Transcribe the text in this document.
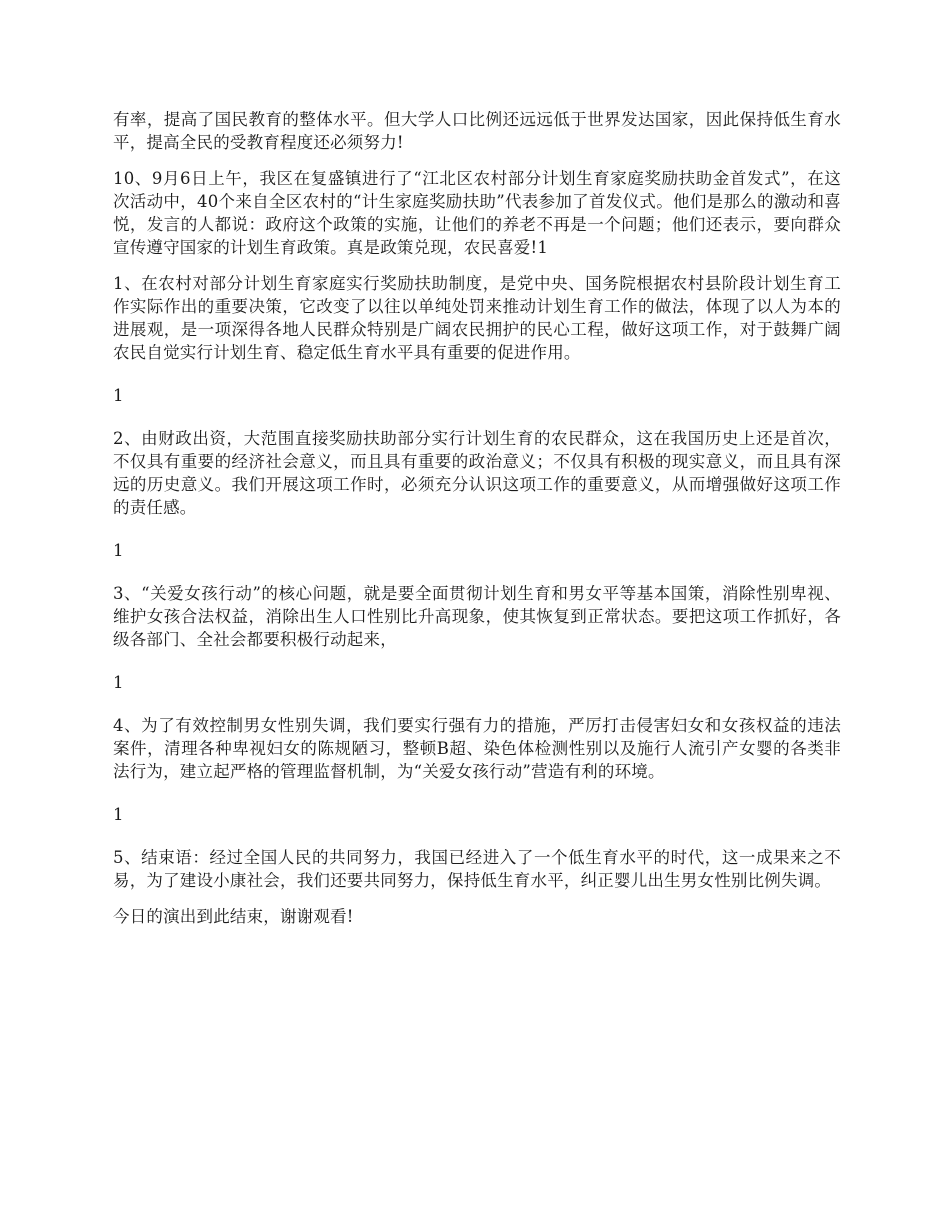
有率，提高了国民教育的整体水平。但大学人口比例还远远低于世界发达国家，因此保持低生育水平，提高全民的受教育程度还必须努力!

10、9月6日上午，我区在复盛镇进行了“江北区农村部分计划生育家庭奖励扶助金首发式”，在这次活动中，40个来自全区农村的“计生家庭奖励扶助”代表参加了首发仪式。他们是那么的激动和喜悦，发言的人都说：政府这个政策的实施，让他们的养老不再是一个问题；他们还表示，要向群众宣传遵守国家的计划生育政策。真是政策兑现，农民喜爱!1

1、在农村对部分计划生育家庭实行奖励扶助制度，是党中央、国务院根据农村县阶段计划生育工作实际作出的重要决策，它改变了以往以单纯处罚来推动计划生育工作的做法，体现了以人为本的进展观，是一项深得各地人民群众特别是广阔农民拥护的民心工程，做好这项工作，对于鼓舞广阔农民自觉实行计划生育、稳定低生育水平具有重要的促进作用。

1

2、由财政出资，大范围直接奖励扶助部分实行计划生育的农民群众，这在我国历史上还是首次，不仅具有重要的经济社会意义，而且具有重要的政治意义；不仅具有积极的现实意义，而且具有深远的历史意义。我们开展这项工作时，必须充分认识这项工作的重要意义，从而增强做好这项工作的责任感。

1

3、“关爱女孩行动”的核心问题，就是要全面贯彻计划生育和男女平等基本国策，消除性别卑视、维护女孩合法权益，消除出生人口性别比升高现象，使其恢复到正常状态。要把这项工作抓好，各级各部门、全社会都要积极行动起来，

1

4、为了有效控制男女性别失调，我们要实行强有力的措施，严厉打击侵害妇女和女孩权益的违法案件，清理各种卑视妇女的陈规陋习，整顿B超、染色体检测性别以及施行人流引产女婴的各类非法行为，建立起严格的管理监督机制，为“关爱女孩行动”营造有利的环境。

1

5、结束语：经过全国人民的共同努力，我国已经进入了一个低生育水平的时代，这一成果来之不易，为了建设小康社会，我们还要共同努力，保持低生育水平，纠正婴儿出生男女性别比例失调。

今日的演出到此结束，谢谢观看!
